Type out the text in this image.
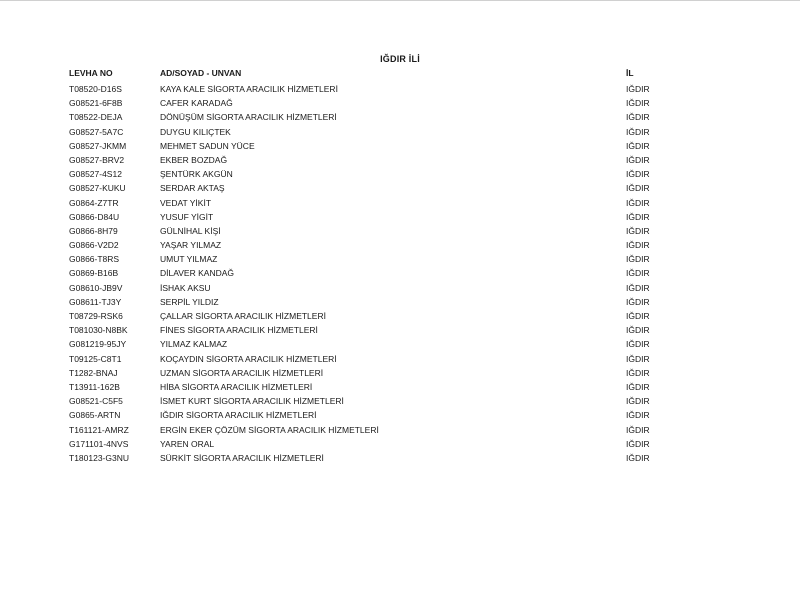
IĞDIR İLİ
LEVHA NO	AD/SOYAD - UNVAN	İL
T08520-D16S	KAYA KALE SİGORTA ARACILIK HİZMETLERİ	IĞDIR
G08521-6F8B	CAFER KARADAĞ	IĞDIR
T08522-DEJA	DÖNÜŞÜM SİGORTA ARACILIK HİZMETLERİ	IĞDIR
G08527-5A7C	DUYGU KILIÇTEK	IĞDIR
G08527-JKMM	MEHMET SADUN YÜCE	IĞDIR
G08527-BRV2	EKBER BOZDAĞ	IĞDIR
G08527-4S12	ŞENTÜRK AKGÜN	IĞDIR
G08527-KUKU	SERDAR AKTAŞ	IĞDIR
G0864-Z7TR	VEDAT YİKİT	IĞDIR
G0866-D84U	YUSUF YİGİT	IĞDIR
G0866-8H79	GÜLNİHAL KİŞİ	IĞDIR
G0866-V2D2	YAŞAR YILMAZ	IĞDIR
G0866-T8RS	UMUT YILMAZ	IĞDIR
G0869-B16B	DİLAVER KANDAĞ	IĞDIR
G08610-JB9V	İSHAK AKSU	IĞDIR
G08611-TJ3Y	SERPİL YILDIZ	IĞDIR
T08729-RSK6	ÇALLAR SİGORTA ARACILIK HİZMETLERİ	IĞDIR
T081030-N8BK	FİNES SİGORTA ARACILIK HİZMETLERİ	IĞDIR
G081219-95JY	YILMAZ KALMAZ	IĞDIR
T09125-C8T1	KOÇAYDIN SİGORTA ARACILIK HİZMETLERİ	IĞDIR
T1282-BNAJ	UZMAN SİGORTA ARACILIK HİZMETLERİ	IĞDIR
T13911-162B	HİBA SİGORTA ARACILIK HİZMETLERİ	IĞDIR
G08521-C5F5	İSMET KURT SİGORTA ARACILIK HİZMETLERİ	IĞDIR
G0865-ARTN	IĞDIR SİGORTA ARACILIK HİZMETLERİ	IĞDIR
T161121-AMRZ	ERGİN EKER ÇÖZÜM SİGORTA ARACILIK HİZMETLERİ	IĞDIR
G171101-4NVS	YAREN ORAL	IĞDIR
T180123-G3NU	SÜRKİT SİGORTA ARACILIK HİZMETLERİ	IĞDIR
